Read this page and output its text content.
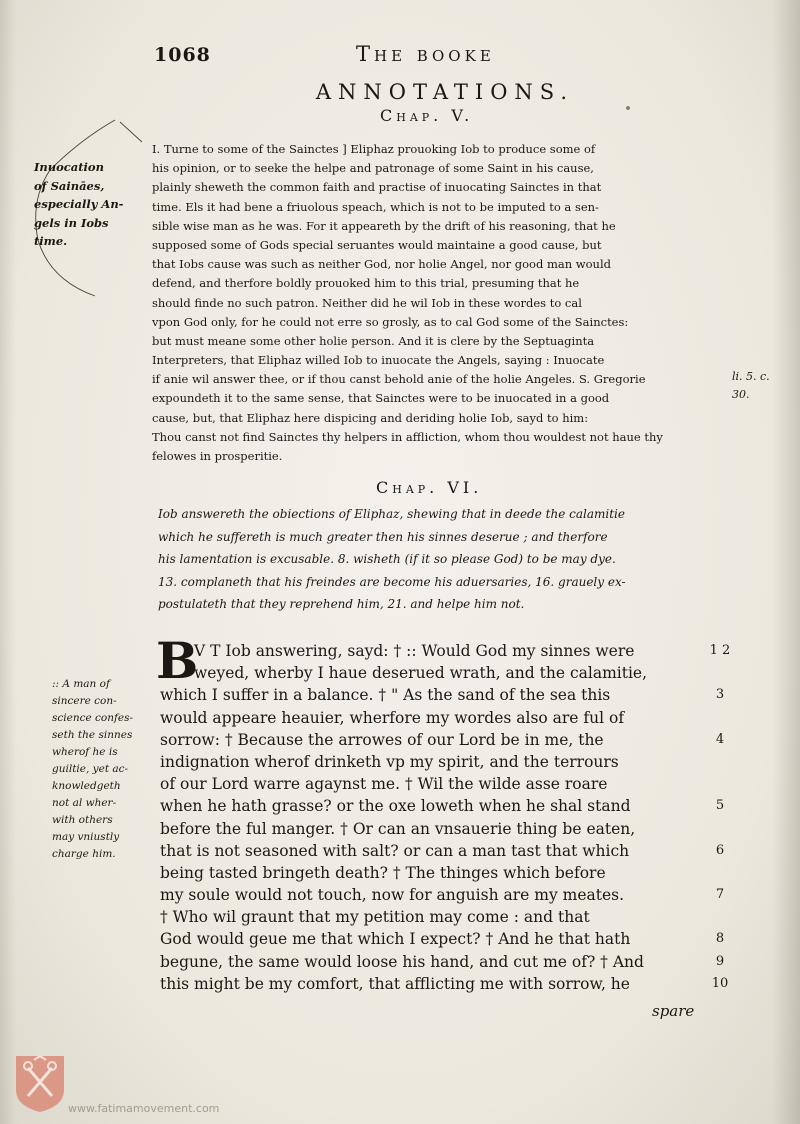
1068	The booke
ANNOTATIONS.
Chap. V.
Inuocation
of Saināes,
especially An-
gels in Iobs
time.
I. Turne to some of the Sainctes ] Eliphaz prouoking Iob to produce some of
his opinion, or to seeke the helpe and patronage of some Saint in his cause,
plainly sheweth the common faith and practise of inuocating Sainctes in that
time. Els it had bene a friuolous speach, which is not to be imputed to a sen-
sible wise man as he was. For it appeareth by the drift of his reasoning, that he
supposed some of Gods special seruantes would maintaine a good cause, but
that Iobs cause was such as neither God, nor holie Angel, nor good man would
defend, and therfore boldly prouoked him to this trial, presuming that he
should finde no such patron. Neither did he wil Iob in these wordes to cal
vpon God only, for he could not erre so grosly, as to cal God some of the Sainctes:
but must meane some other holie person. And it is clere by the Septuaginta
Interpreters, that Eliphaz willed Iob to inuocate the Angels, saying : Inuocate
if anie wil answer thee, or if thou canst behold anie of the holie Angeles. S. Gregorie
expoundeth it to the same sense, that Sainctes were to be inuocated in a good
cause, but, that Eliphaz here dispicing and deriding holie Iob, sayd to him:
Thou canst not find Sainctes thy helpers in affliction, whom thou wouldest not haue thy
felowes in prosperitie.
li. 5. c.
30.
Chap. VI.
Iob answereth the obiections of Eliphaz, shewing that in deede the calamitie
which he suffereth is much greater then his sinnes deserue ; and therfore
his lamentation is excusable. 8. wisheth (if it so please God) to be may dye.
13. complaneth that his freindes are become his aduersaries, 16. grauely ex-
postulateth that they reprehend him, 21. and helpe him not.
B
V T Iob answering, sayd: † :: Would God my sinnes were
weyed, wherby I haue deserued wrath, and the calamitie,
which I suffer in a balance. † " As the sand of the sea this
would appeare heauier, wherfore my wordes also are ful of
sorrow: † Because the arrowes of our Lord be in me, the
indignation wherof drinketh vp my spirit, and the terrours
of our Lord warre agaynst me. † Wil the wilde asse roare
when he hath grasse? or the oxe loweth when he shal stand
before the ful manger. † Or can an vnsauerie thing be eaten,
that is not seasoned with salt? or can a man tast that which
being tasted bringeth death? † The thinges which before
my soule would not touch, now for anguish are my meates.
† Who wil graunt that my petition may come : and that
God would geue me that which I expect? † And he that hath
begune, the same would loose his hand, and cut me of? † And
this might be my comfort, that afflicting me with sorrow, he
1 2
3
4
5
6
7
8
9
10
:: A man of
sincere con-
science confes-
seth the sinnes
wherof he is
guiltie, yet ac-
knowledgeth
not al wher-
with others
may vniustly
charge him.
spare
www.fatimamovement.com
